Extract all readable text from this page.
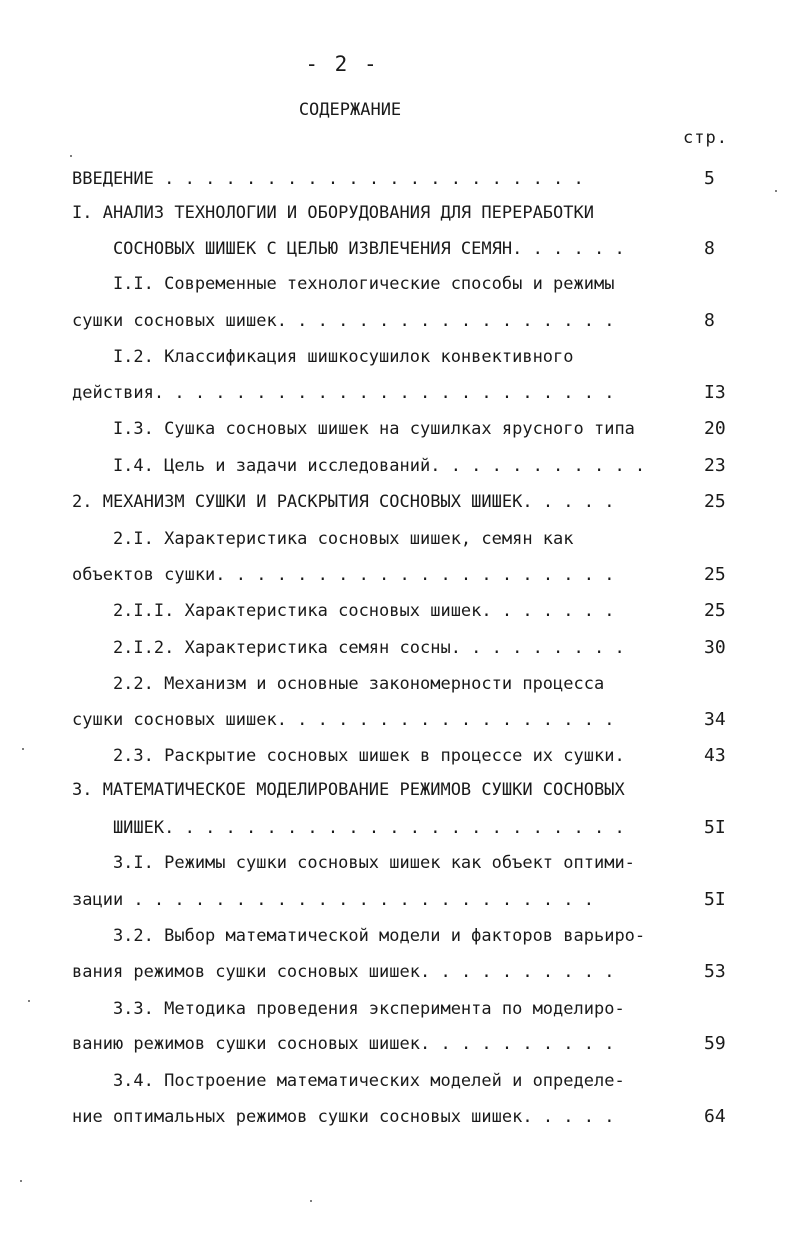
- 2 -
СОДЕРЖАНИЕ
стр.
ВВЕДЕНИЕ . . . . . . . . . . . . . . . . . . . . .	5
I. АНАЛИЗ ТЕХНОЛОГИИ И ОБОРУДОВАНИЯ ДЛЯ ПЕРЕРАБОТКИ
СОСНОВЫХ ШИШЕК С ЦЕЛЬЮ ИЗВЛЕЧЕНИЯ СЕМЯН. . . . . .	8
I.I. Современные технологические способы и режимы
сушки сосновых шишек. . . . . . . . . . . . . . . . .	8
I.2. Классификация шишкосушилок конвективного
действия. . . . . . . . . . . . . . . . . . . . . . .	I3
I.3. Сушка сосновых шишек на сушилках ярусного типа	20
I.4. Цель и задачи исследований. . . . . . . . . . .	23
2. МЕХАНИЗМ СУШКИ И РАСКРЫТИЯ СОСНОВЫХ ШИШЕК. . . . .	25
2.I. Характеристика сосновых шишек, семян как
объектов сушки. . . . . . . . . . . . . . . . . . . .	25
2.I.I. Характеристика сосновых шишек. . . . . . .	25
2.I.2. Характеристика семян сосны. . . . . . . . .	30
2.2. Механизм и основные закономерности процесса
сушки сосновых шишек. . . . . . . . . . . . . . . . .	34
2.3. Раскрытие сосновых шишек в процессе их сушки.	43
3. МАТЕМАТИЧЕСКОЕ МОДЕЛИРОВАНИЕ РЕЖИМОВ СУШКИ СОСНОВЫХ
ШИШЕК. . . . . . . . . . . . . . . . . . . . . . .	5I
3.I. Режимы сушки сосновых шишек как объект оптими-
зации . . . . . . . . . . . . . . . . . . . . . . .	5I
3.2. Выбор математической модели и факторов варьиро-
вания режимов сушки сосновых шишек. . . . . . . . . .	53
3.3. Методика проведения эксперимента по моделиро-
ванию режимов сушки сосновых шишек. . . . . . . . . .	59
3.4. Построение математических моделей и определе-
ние оптимальных режимов сушки сосновых шишек. . . . .	64
